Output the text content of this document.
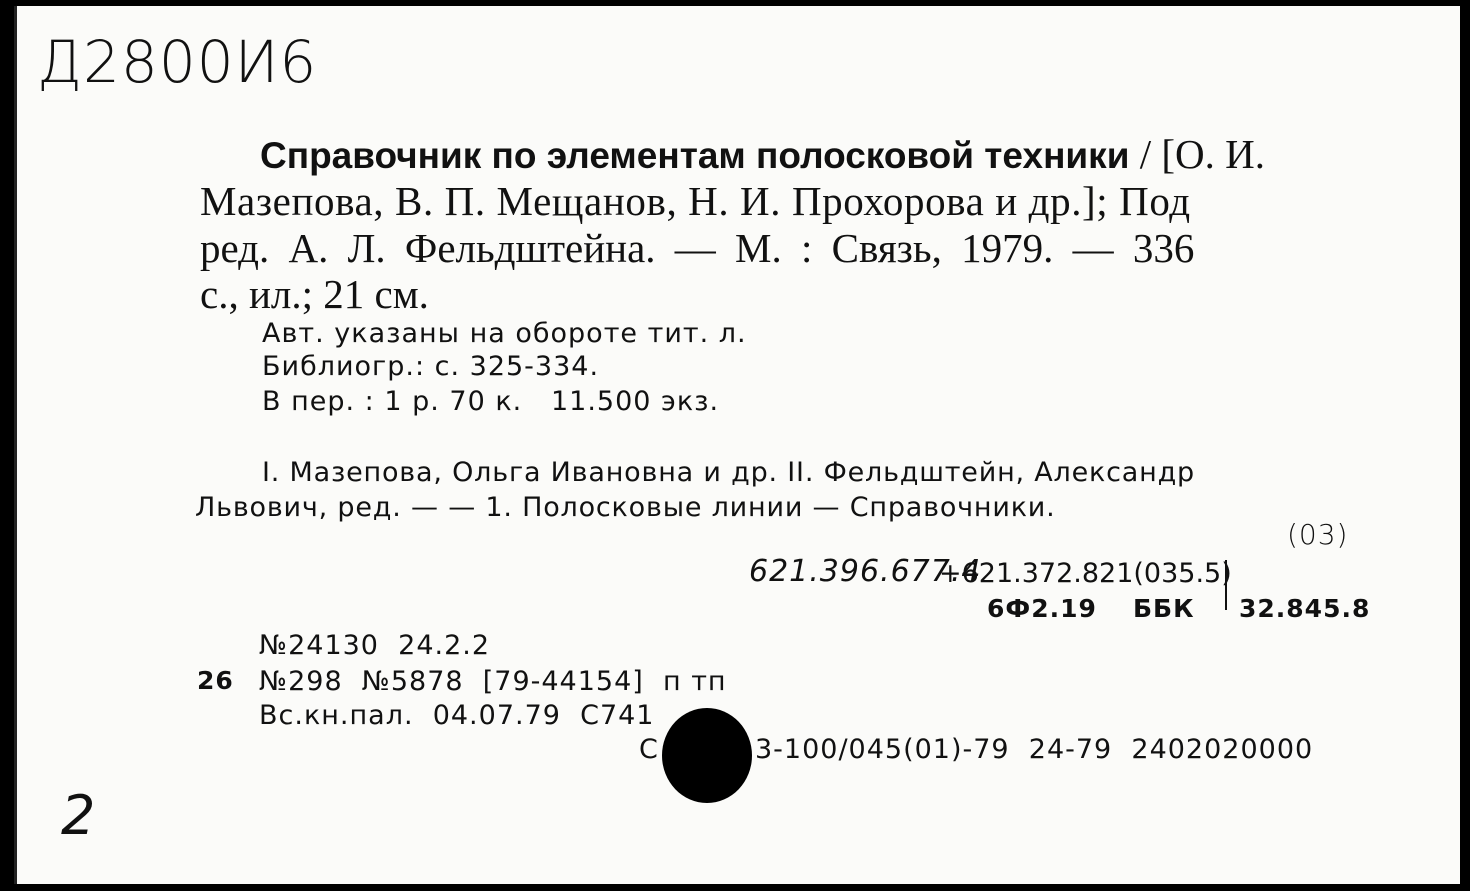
Д2800И6
Справочник по элементам полосковой техники / [О. И.
Мазепова, В. П. Мещанов, Н. И. Прохорова и др.]; Под
ред. А. Л. Фельдштейна. — М. : Связь, 1979. — 336
с., ил.; 21 см.
Авт. указаны на обороте тит. л.
Библиогр.: с. 325-334.
В пер. : 1 р. 70 к.   11.500 экз.
I. Мазепова, Ольга Ивановна и др. II. Фельдштейн, Александр
Львович, ред. — — 1. Полосковые линии — Справочники.
621.396.677.4
(03)
+621.372.821(035.5)
6Ф2.19 ББК 32.845.8
№24130  24.2.2
26 №298  №5878  [79-44154]  п тп
Вс.кн.пал.  04.07.79  С741
С	3-100/045(01)-79  24-79  2402020000
2
